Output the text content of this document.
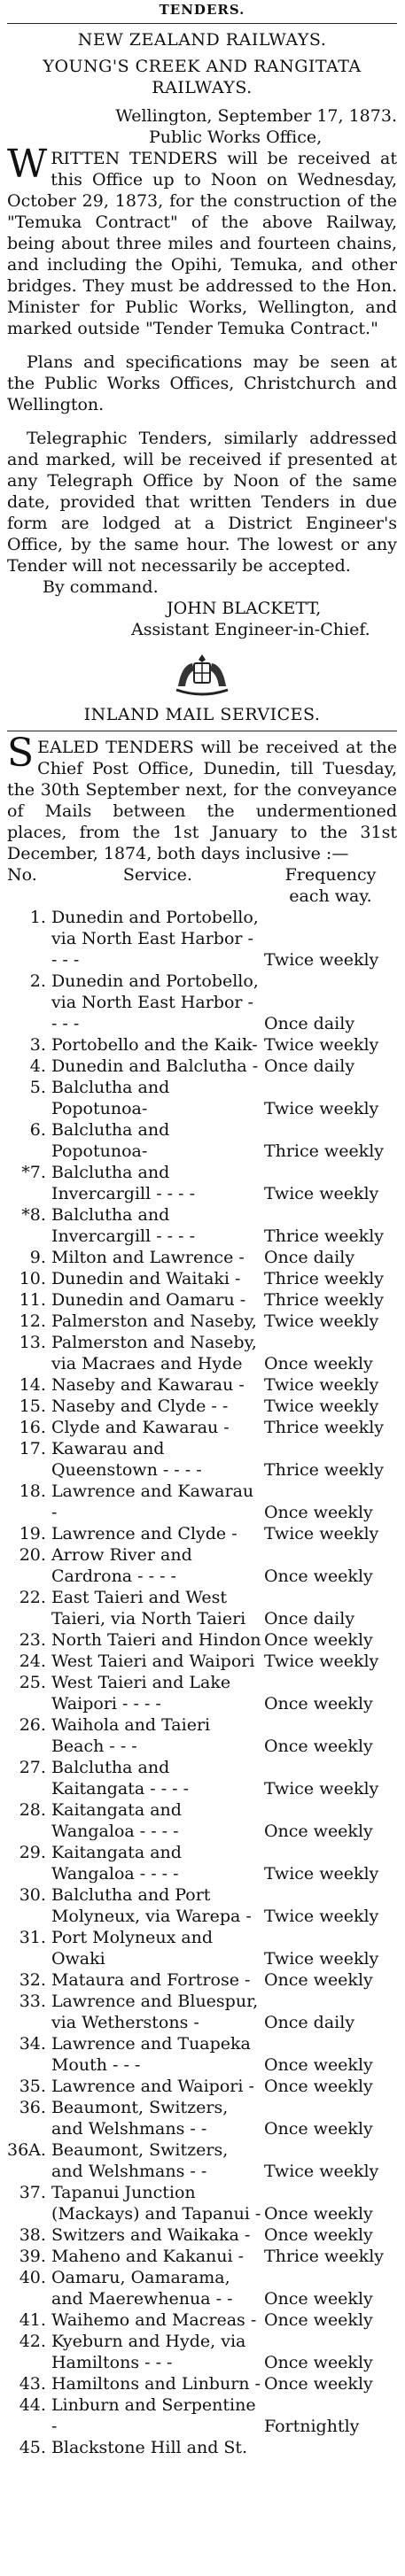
TENDERS.
NEW ZEALAND RAILWAYS.
YOUNG'S CREEK AND RANGITATA RAILWAYS.
Wellington, September 17, 1873.
Public Works Office,

WRITTEN TENDERS will be received at this Office up to Noon on Wednesday, October 29, 1873, for the construction of the "Temuka Contract" of the above Railway, being about three miles and fourteen chains, and including the Opihi, Temuka, and other bridges. They must be addressed to the Hon. Minister for Public Works, Wellington, and marked outside "Tender Temuka Contract."

Plans and specifications may be seen at the Public Works Offices, Christchurch and Wellington.

Telegraphic Tenders, similarly addressed and marked, will be received if presented at any Telegraph Office by Noon of the same date, provided that written Tenders in due form are lodged at a District Engineer's Office, by the same hour. The lowest or any Tender will not necessarily be accepted.

By command.
JOHN BLACKETT,
Assistant Engineer-in-Chief.
INLAND MAIL SERVICES.

SEALED TENDERS will be received at the Chief Post Office, Dunedin, till Tuesday, the 30th September next, for the conveyance of Mails between the undermentioned places, from the 1st January to the 31st December, 1874, both days inclusive :—

No.	Service.	Frequency each way.
1.	Dunedin and Portobello, via North East Harbor - - - -	Twice weekly
2.	Dunedin and Portobello, via North East Harbor - - - -	Once daily
3.	Portobello and the Kaik-	Twice weekly
4.	Dunedin and Balclutha -	Once daily
5.	Balclutha and Popotunoa-	Twice weekly
6.	Balclutha and Popotunoa-	Thrice weekly
*7.	Balclutha and Invercargill - - - -	Twice weekly
*8.	Balclutha and Invercargill - - - -	Thrice weekly
9.	Milton and Lawrence -	Once daily
10.	Dunedin and Waitaki -	Thrice weekly
11.	Dunedin and Oamaru -	Thrice weekly
12.	Palmerston and Naseby,	Twice weekly
13.	Palmerston and Naseby, via Macraes and Hyde	Once weekly
14.	Naseby and Kawarau -	Twice weekly
15.	Naseby and Clyde - -	Twice weekly
16.	Clyde and Kawarau -	Thrice weekly
17.	Kawarau and Queenstown - - - -	Thrice weekly
18.	Lawrence and Kawarau -	Once weekly
19.	Lawrence and Clyde -	Twice weekly
20.	Arrow River and Cardrona - - - -	Once weekly
22.	East Taieri and West Taieri, via North Taieri	Once daily
23.	North Taieri and Hindon	Once weekly
24.	West Taieri and Waipori	Twice weekly
25.	West Taieri and Lake Waipori - - - -	Once weekly
26.	Waihola and Taieri Beach - - -	Once weekly
27.	Balclutha and Kaitangata - - - -	Twice weekly
28.	Kaitangata and Wangaloa - - - -	Once weekly
29.	Kaitangata and Wangaloa - - - -	Twice weekly
30.	Balclutha and Port Molyneux, via Warepa -	Twice weekly
31.	Port Molyneux and Owaki	Twice weekly
32.	Mataura and Fortrose -	Once weekly
33.	Lawrence and Bluespur, via Wetherstons -	Once daily
34.	Lawrence and Tuapeka Mouth - - -	Once weekly
35.	Lawrence and Waipori -	Once weekly
36.	Beaumont, Switzers, and Welshmans - -	Once weekly
36A.	Beaumont, Switzers, and Welshmans - -	Twice weekly
37.	Tapanui Junction (Mackays) and Tapanui -	Once weekly
38.	Switzers and Waikaka -	Once weekly
39.	Maheno and Kakanui -	Thrice weekly
40.	Oamaru, Oamarama, and Maerewhenua - -	Once weekly
41.	Waihemo and Macreas -	Once weekly
42.	Kyeburn and Hyde, via Hamiltons - - -	Once weekly
43.	Hamiltons and Linburn -	Once weekly
44.	Linburn and Serpentine -	Fortnightly
45.	Blackstone Hill and St.	
